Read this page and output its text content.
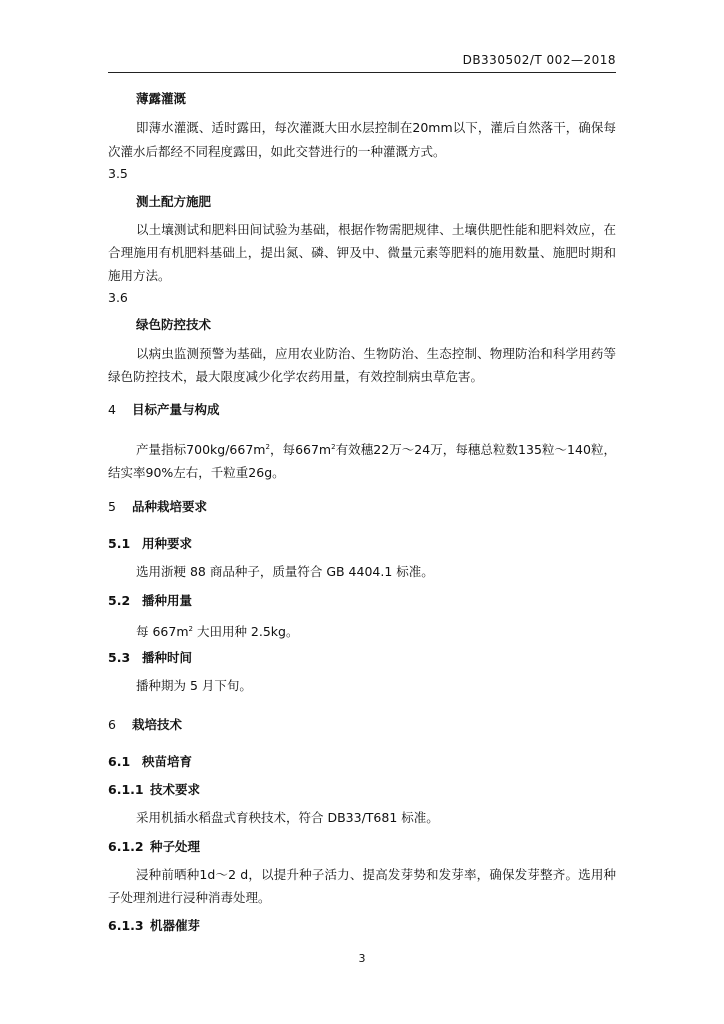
DB330502/T 002—2018
薄露灌溉
即薄水灌溉、适时露田，每次灌溉大田水层控制在20mm以下，灌后自然落干，确保每次灌水后都经不同程度露田，如此交替进行的一种灌溉方式。
3.5
测土配方施肥
以土壤测试和肥料田间试验为基础，根据作物需肥规律、土壤供肥性能和肥料效应，在合理施用有机肥料基础上，提出氮、磷、钾及中、微量元素等肥料的施用数量、施肥时期和施用方法。
3.6
绿色防控技术
以病虫监测预警为基础，应用农业防治、生物防治、生态控制、物理防治和科学用药等绿色防控技术，最大限度减少化学农药用量，有效控制病虫草危害。
4 目标产量与构成
产量指标$700kg/667m^2$，每$667m^2$有效穗22万～24万，每穗总粒数135粒～140粒，结实率90%左右，千粒重26g。
5 品种栽培要求
5.1 用种要求
选用浙粳 88 商品种子，质量符合 GB 4404.1 标准。
5.2 播种用量
每 $667m^2$ 大田用种 2.5kg。
5.3 播种时间
播种期为 5 月下旬。
6 栽培技术
6.1 秧苗培育
6.1.1 技术要求
采用机插水稻盘式育秧技术，符合 DB33/T681 标准。
6.1.2 种子处理
浸种前晒种1d～2 d，以提升种子活力、提高发芽势和发芽率，确保发芽整齐。选用种子处理剂进行浸种消毒处理。
6.1.3 机器催芽
3
